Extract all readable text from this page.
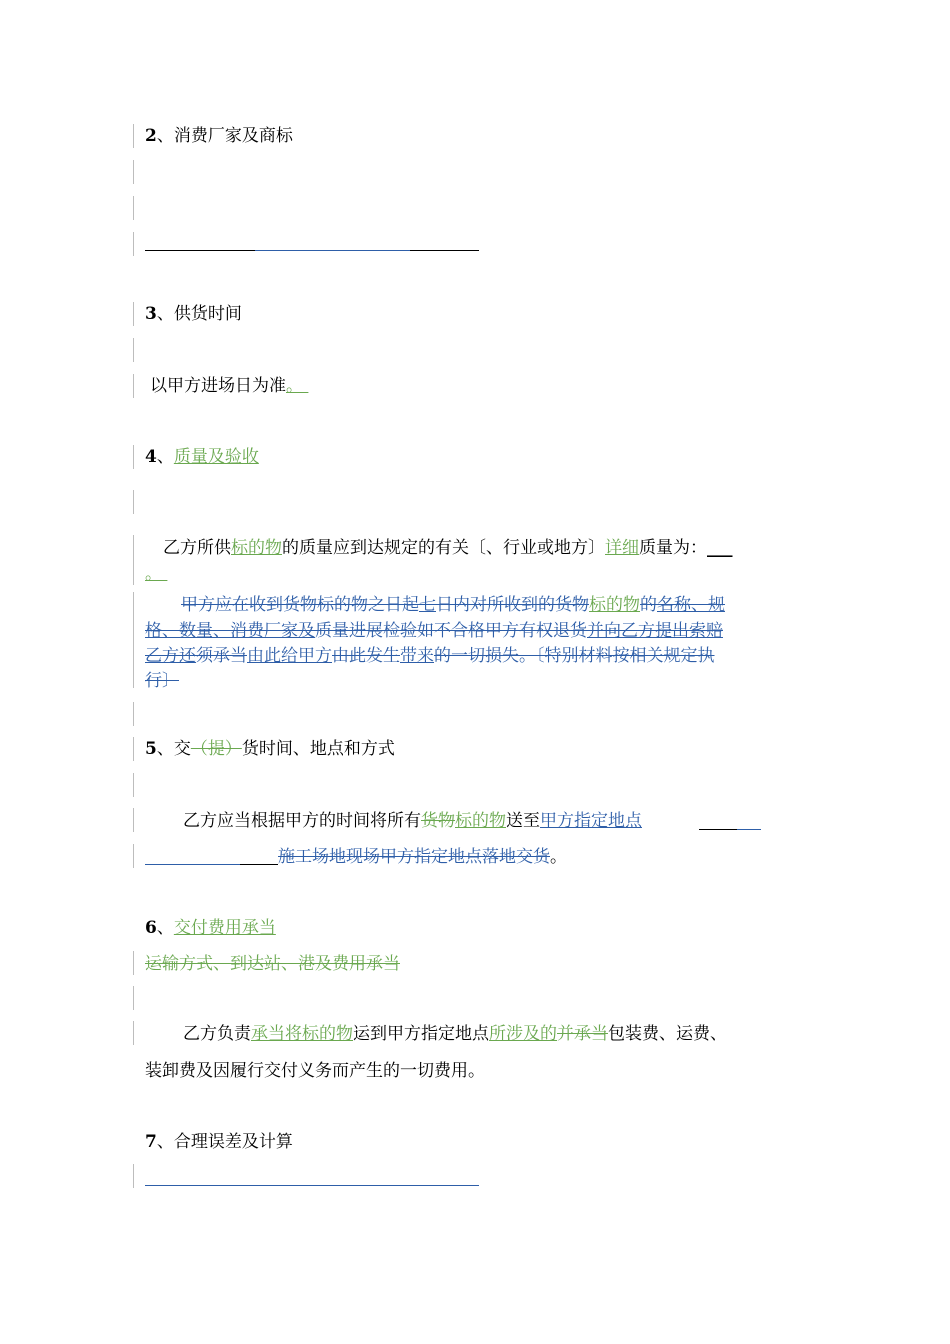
2、消费厂家及商标
3、供货时间
以甲方进场日为准。
4、质量及验收
乙方所供标的物的质量应到达规定的有关〔、行业或地方〕详细质量为：___
。
甲方应在收到货物标的物之日起七日内对所收到的货物标的物的名称、规
格、数量、消费厂家及质量进展检验如不合格甲方有权退货并向乙方提出索赔
乙方还须承当由此给甲方由此发生带来的一切损失。〔特别材料按相关规定执
行〕
5、交（提）货时间、地点和方式
乙方应当根据甲方的时间将所有货物标的物送至甲方指定地点
施工场地现场甲方指定地点落地交货。
6、交付费用承当
运输方式、到达站、港及费用承当
乙方负责承当将标的物运到甲方指定地点所涉及的并承当包装费、运费、
装卸费及因履行交付义务而产生的一切费用。
7、合理误差及计算
